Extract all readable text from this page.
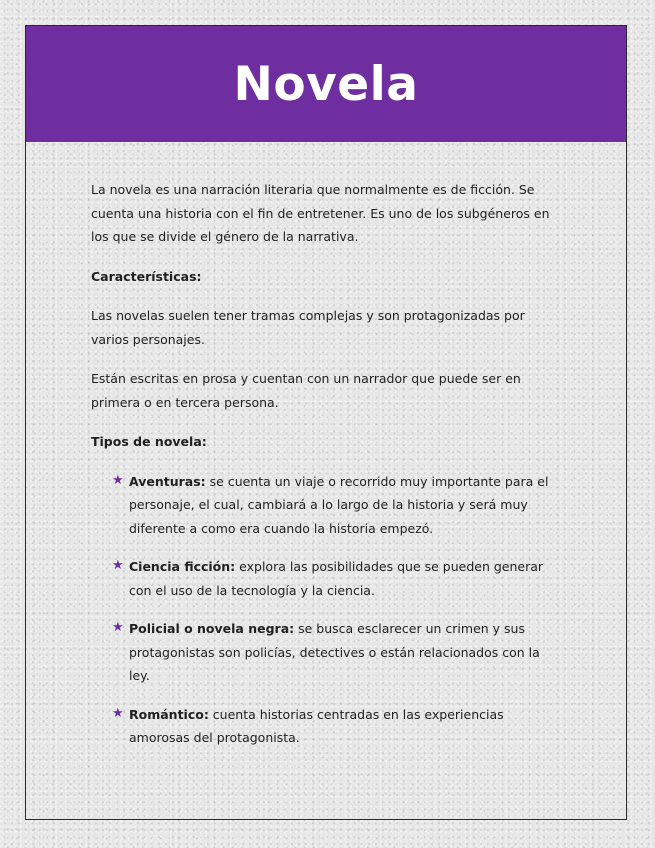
Novela

La novela es una narración literaria que normalmente es de ficción. Se cuenta una historia con el fin de entretener. Es uno de los subgéneros en los que se divide el género de la narrativa.

Características:

Las novelas suelen tener tramas complejas y son protagonizadas por varios personajes.

Están escritas en prosa y cuentan con un narrador que puede ser en primera o en tercera persona.

Tipos de novela:

★ Aventuras: se cuenta un viaje o recorrido muy importante para el personaje, el cual, cambiará a lo largo de la historia y será muy diferente a como era cuando la historia empezó.
★ Ciencia ficción: explora las posibilidades que se pueden generar con el uso de la tecnología y la ciencia.
★ Policial o novela negra: se busca esclarecer un crimen y sus protagonistas son policías, detectives o están relacionados con la ley.
★ Romántico: cuenta historias centradas en las experiencias amorosas del protagonista.
